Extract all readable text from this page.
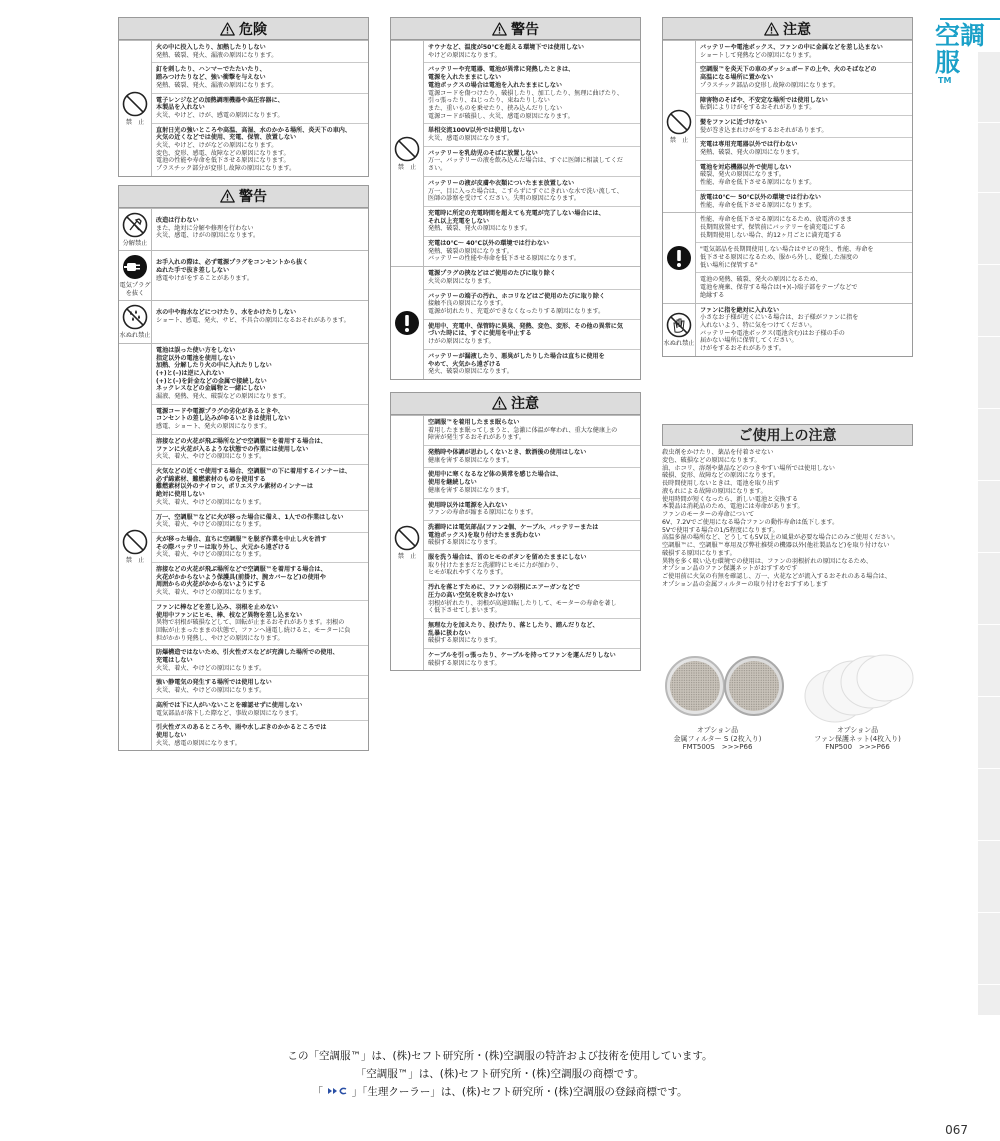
危険
禁　止
火の中に投入したり、加熱したりしない
発熱、破裂、発火、漏液の原因になります。
釘を刺したり、ハンマーでたたいたり、
踏みつけたりなど、強い衝撃を与えない
発熱、破裂、発火、漏液の原因になります。
電子レンジなどの加熱調理機器や高圧容器に、
本製品を入れない
火災、やけど、けが、感電の原因になります。
直射日光の強いところや高温、高湿、水のかかる場所、炎天下の車内、
火気の近くなどでは使用、充電、保管、放置しない
火災、やけど、けがなどの原因になります。
変色、変形、感電、故障などの原因になります。
電池の性能や寿命を低下させる原因になります。
プラスチック部分が変形し故障の原因になります。
警告
分解禁止
改造は行わない
また、絶対に分解や修理を行わない
火災、感電、けがの原因になります。
電気プラグ
を抜く
お手入れの際は、必ず電源プラグをコンセントから抜く
ぬれた手で抜き差ししない
感電やけがをすることがあります。
水ぬれ禁止
水の中や海水などにつけたり、水をかけたりしない
ショート、感電、発火、サビ、不具合の原因になるおそれがあります。
禁　止
電池は誤った使い方をしない
指定以外の電池を使用しない
加熱、分解したり火の中に入れたりしない
(+)と(–)は逆に入れない
(+)と(–)を針金などの金属で接続しない
ネックレスなどの金属物と一緒にしない
漏液、発熱、発火、破裂などの原因になります。
電源コードや電源プラグの劣化があるときや、
コンセントの差し込みがゆるいときは使用しない
感電、ショート、発火の原因になります。
溶接などの火花が飛ぶ場所などで空調服™を着用する場合は、
ファンに火花が入るような状態での作業には使用しない
火災、着火、やけどの原因になります。
火気などの近くで使用する場合、空調服™の下に着用するインナーは、
必ず綿素材、難燃素材のものを使用する
難燃素材以外のナイロン、ポリエステル素材のインナーは
絶対に使用しない
火災、着火、やけどの原因になります。
万一、空調服™などに火が移った場合に備え、1人での作業はしない
火災、着火、やけどの原因になります。
火が移った場合、直ちに空調服™を脱ぎ作業を中止し火を消す
その際バッテリーは取り外し、火元から遠ざける
火災、着火、やけどの原因になります。
溶接などの火花が飛ぶ場所などで空調服™を着用する場合は、
火花がかからないよう保護具(前掛け、腕カバーなど)の使用や
周囲からの火花がかからないようにする
火災、着火、やけどの原因になります。
ファンに棒などを差し込み、羽根を止めない
使用中ファンにヒモ、棒、枝など異物を差し込まない
異物で羽根が破損などして、回転が止まるおそれがあります。羽根の
回転が止まったままの状態で、ファンへ通電し続けると、モーターに負
担がかかり発熱し、やけどの原因になります。
防爆構造ではないため、引火性ガスなどが充満した場所での使用、
充電はしない
火災、着火、やけどの原因になります。
強い静電気の発生する場所では使用しない
火災、着火、やけどの原因になります。
高所では下に人がいないことを確認せずに使用しない
電気部品が落下した際など、事故の原因になります。
引火性ガスのあるところや、雨や水しぶきのかかるところでは
使用しない
火災、感電の原因になります。
警告
禁　止
サウナなど、温度が50℃を超える環境下では使用しない
やけどの原因になります。
バッテリーや充電器、電池が異常に発熱したときは、
電源を入れたままにしない
電池ボックスの場合は電池を入れたままにしない
電源コードを傷つけたり、破損したり、加工したり、無理に曲げたり、
引っ張ったり、ねじったり、束ねたりしない
また、重いものを乗せたり、挟み込んだりしない
電源コードが破損し、火災、感電の原因になります。
単相交流100V以外では使用しない
火災、感電の原因になります。
バッテリーを乳幼児のそばに放置しない
万一、バッテリーの液を飲み込んだ場合は、すぐに医師に相談してくだ
さい。
バッテリーの液が皮膚や衣類についたまま放置しない
万一、目に入った場合は、こすらずにすぐにきれいな水で洗い流して、
医師の診察を受けてください。失明の原因になります。
充電時に所定の充電時間を超えても充電が完了しない場合には、
それ以上充電をしない
発熱、破裂、発火の原因になります。
充電は0℃〜 40℃以外の環境では行わない
発熱、破裂の原因になります。
バッテリーの性能や寿命を低下させる原因になります。
電源プラグの挟などはご使用のたびに取り除く
火災の原因になります。
バッテリーの端子の汚れ、ホコリなどはご使用のたびに取り除く
接触不良の原因になります。
電源が切れたり、充電ができなくなったりする原因になります。
使用中、充電中、保管時に異臭、発熱、変色、変形、その他の異常に気
づいた時には、すぐに使用を中止する
けがの原因になります。
バッテリーが漏液したり、悪臭がしたりした場合は直ちに使用を
やめて、火気から遠ざける
発火、破裂の原因になります。
注意
禁　止
空調服™を着用したまま眠らない
着用したまま眠ってしまうと、急激に体温が奪われ、重大な健康上の
障害が発生するおそれがあります。
発熱時や体調が思わしくないとき、飲酒後の使用はしない
健康を害する原因になります。
使用中に寒くなるなど体の異常を感じた場合は、
使用を継続しない
健康を害する原因になります。
使用時以外は電源を入れない
ファンの寿命が縮まる原因になります。
洗濯時には電気部品(ファン2個、ケーブル、バッテリーまたは
電池ボックス)を取り付けたまま洗わない
破損する原因になります。
服を洗う場合は、首のヒモのボタンを留めたままにしない
取り付けたままだと洗濯時にヒモに力が加わり、
ヒモが取れやすくなります。
汚れを落とすために、ファンの羽根にエアーガンなどで
圧力の高い空気を吹きかけない
羽根が折れたり、羽根が高速回転したりして、モーターの寿命を著し
く低下させてしまいます。
無理な力を加えたり、投げたり、落としたり、踏んだりなど、
乱暴に扱わない
破損する原因になります。
ケーブルを引っ張ったり、ケーブルを持ってファンを運んだりしない
破損する原因になります。
注意
禁　止
バッテリーや電池ボックス、ファンの中に金属などを差し込まない
ショートして発熱などの原因になります。
空調服™を炎天下の車のダッシュボードの上や、火のそばなどの
高温になる場所に置かない
プラスチック部品の変形し故障の原因になります。
障害物のそばや、不安定な場所では使用しない
転倒によりけがをするおそれがあります。
髪をファンに近づけない
髪が巻き込まれけがをするおそれがあります。
充電は専用充電器以外では行わない
発熱、破裂、発火の原因になります。
電池を対応機器以外で使用しない
破裂、発火の原因になります。
性能、寿命を低下させる原因になります。
放電は0℃〜 50℃以外の環境では行わない
性能、寿命を低下させる原因になります。
性能、寿命を低下させる原因になるため、放電済のまま
長期間放置せず、保管前にバッテリーを満充電にする
長期間使用しない場合、約12ヶ月ごとに満充電する
"電気部品を長期間使用しない場合はサビの発生、性能、寿命を
低下させる原因になるため、服から外し、乾燥した湿度の
低い場所に保管する"
電池の発熱、破裂、発火の原因になるため、
電池を廃棄、保存する場合は(+)(–)端子部をテープなどで
絶縁する
水ぬれ禁止
ファンに指を絶対に入れない
小さなお子様が近くにいる場合は、お子様がファンに指を
入れないよう、特に気をつけてください。
バッテリーや電池ボックス(電池含む)はお子様の手の
届かない場所に保管してください。
けがをするおそれがあります。
ご使用上の注意
殺虫剤をかけたり、薬品を付着させない
変色、破損などの原因になります。
油、ホコリ、溶剤や薬品などのつきやすい場所では使用しない
破損、変形、故障などの原因になります。
長時間使用しないときは、電池を取り出す
液もれによる故障の原因になります。
使用時間が短くなったら、新しい電池と交換する
本製品は消耗品のため、電池には寿命があります。
ファンのモーターの寿命について
6V、7.2Vでご使用になる場合ファンの動作寿命は低下します。
5Vで使用する場合の1/5程度になります。
高温多湿の場所など、どうしても5V以上の風量が必要な場合にのみご使用ください。
空調服™に、空調服™専用及び弊社推奨の機器以外(他社製品など)を取り付けない
破損する原因になります。
異物を多く吸い込む環境での使用は、ファンの羽根折れの原因になるため、
オプション品のファン保護ネットがおすすめです
ご使用前に火気の有無を確認し、万一、火花などが流入するおそれのある場合は、
オプション品の金属フィルターの取り付けをおすすめします
オプション品
金属フィルター S (2枚入り)
FMT500S　>>>P66
オプション品
ファン保護ネット(4枚入り)
FNP500　>>>P66
空調服
TM
この「空調服™」は、(株)セフト研究所・(株)空調服の特許および技術を使用しています。
「空調服™」は、(株)セフト研究所・(株)空調服の商標です。
「	」「生理クーラー」は、(株)セフト研究所・(株)空調服の登録商標です。
067
